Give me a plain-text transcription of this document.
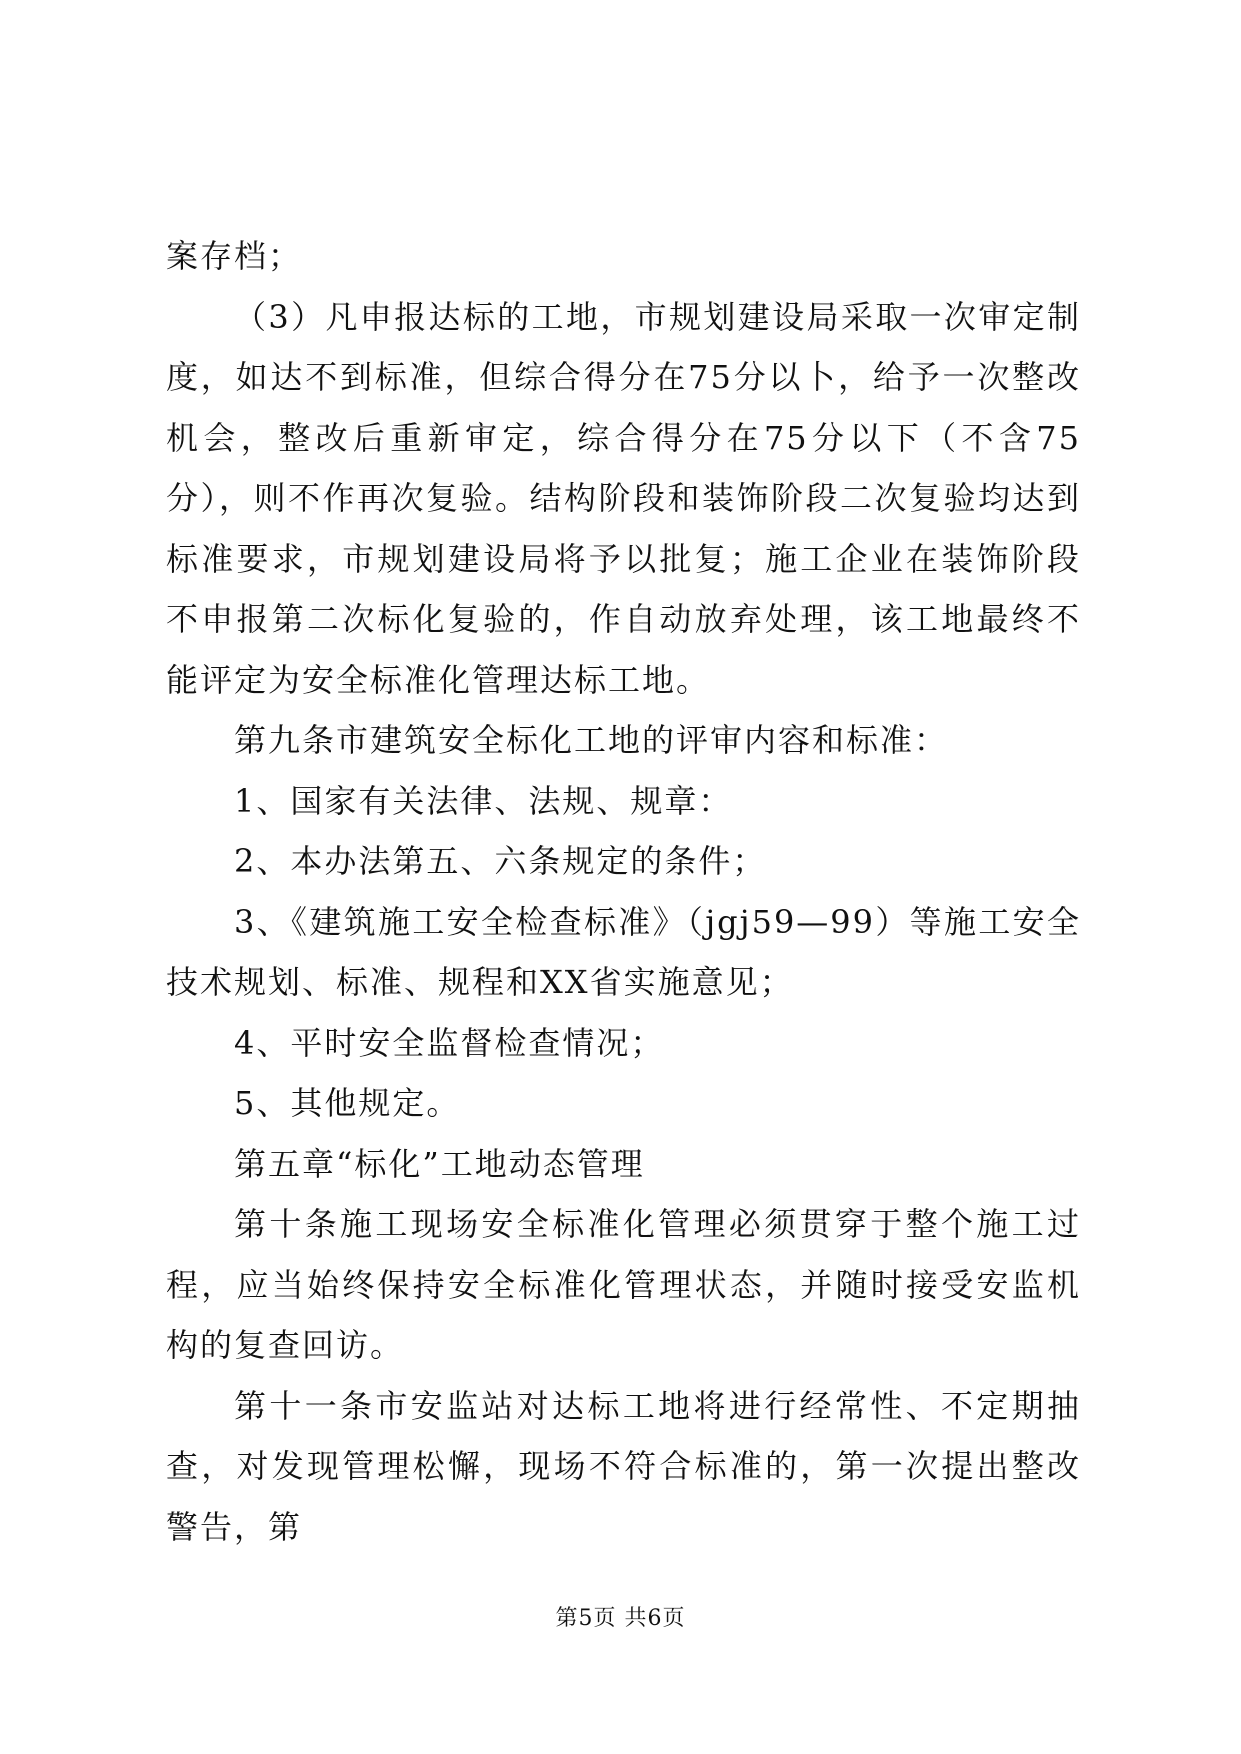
案存档；

（3）凡申报达标的工地，市规划建设局采取一次审定制度，如达不到标准，但综合得分在75分以卜，给予一次整改机会，整改后重新审定，综合得分在75分以下（不含75分），则不作再次复验。结构阶段和装饰阶段二次复验均达到标准要求，市规划建设局将予以批复；施工企业在装饰阶段不申报第二次标化复验的，作自动放弃处理，该工地最终不能评定为安全标准化管理达标工地。

第九条市建筑安全标化工地的评审内容和标准：

1、国家有关法律、法规、规章：

2、本办法第五、六条规定的条件；

3、《建筑施工安全检查标准》（jgj59—99）等施工安全技术规划、标准、规程和XX省实施意见；

4、平时安全监督检查情况；

5、其他规定。

第五章“标化”工地动态管理

第十条施工现场安全标准化管理必须贯穿于整个施工过程，应当始终保持安全标准化管理状态，并随时接受安监机构的复查回访。

第十一条市安监站对达标工地将进行经常性、不定期抽查，对发现管理松懈，现场不符合标准的，第一次提出整改警告，第

第5页 共6页
